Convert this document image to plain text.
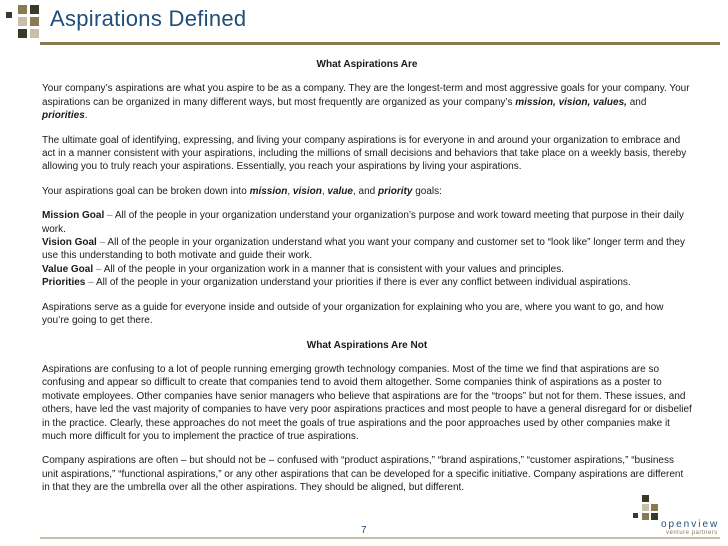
Aspirations Defined
What Aspirations Are

Your company’s aspirations are what you aspire to be as a company. They are the longest-term and most aggressive goals for your company. Your aspirations can be organized in many different ways, but most frequently are organized as your company’s mission, vision, values, and priorities.

The ultimate goal of identifying, expressing, and living your company aspirations is for everyone in and around your organization to embrace and act in a manner consistent with your aspirations, including the millions of small decisions and behaviors that take place on a weekly basis, thereby allowing you to truly reach your aspirations. Essentially, you reach your aspirations by living your aspirations.

Your aspirations goal can be broken down into mission, vision, value, and priority goals:

Mission Goal – All of the people in your organization understand your organization’s purpose and work toward meeting that purpose in their daily work.
Vision Goal – All of the people in your organization understand what you want your company and customer set to “look like” longer term and they use this understanding to both motivate and guide their work.
Value Goal – All of the people in your organization work in a manner that is consistent with your values and principles.
Priorities – All of the people in your organization understand your priorities if there is ever any conflict between individual aspirations.

Aspirations serve as a guide for everyone inside and outside of your organization for explaining who you are, where you want to go, and how you’re going to get there.

What Aspirations Are Not

Aspirations are confusing to a lot of people running emerging growth technology companies. Most of the time we find that aspirations are so confusing and appear so difficult to create that companies tend to avoid them altogether. Some companies think of aspirations as a poster to motivate employees. Other companies have senior managers who believe that aspirations are for the “troops” but not for them. These issues, and others, have led the vast majority of companies to have very poor aspirations practices and most people to have a general disregard for or disbelief in the practice. Clearly, these approaches do not meet the goals of true aspirations and the poor approaches used by other companies make it much more difficult for you to implement the practice of true aspirations.

Company aspirations are often – but should not be – confused with “product aspirations,” “brand aspirations,” “customer aspirations,” “business unit aspirations,” “functional aspirations,” or any other aspirations that can be developed for a specific initiative. Company aspirations are different in that they are the umbrella over all the other aspirations. They should be aligned, but different.

7
openview
venture partners
